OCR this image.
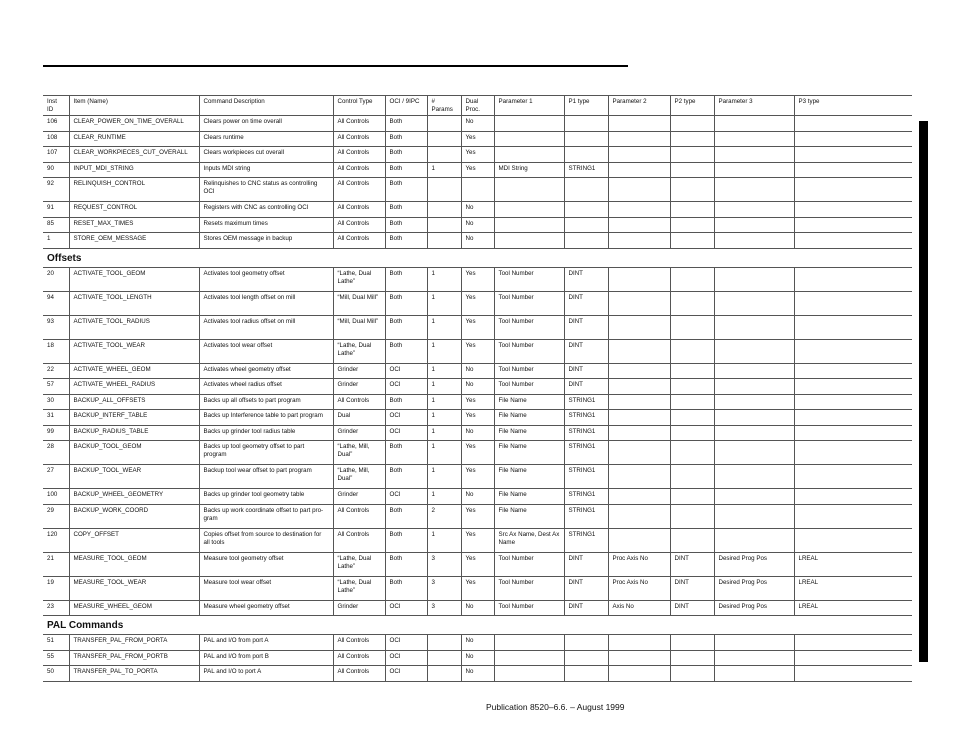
Inst ID	Item (Name)	Command Description	Control Type	OCI / 9IPC	# Params	Dual Proc.	Parameter 1	P1 type	Parameter 2	P2 type	Parameter 3	P3 type
106	CLEAR_POWER_ON_TIME_OVERALL	Clears power on time overall	All Controls	Both		No						
108	CLEAR_RUNTIME	Clears runtime	All Controls	Both		Yes						
107	CLEAR_WORKPIECES_CUT_OVERALL	Clears workpieces cut overall	All Controls	Both		Yes						
90	INPUT_MDI_STRING	Inputs MDI string	All Controls	Both	1	Yes	MDI String	STRING1				
92	RELINQUISH_CONTROL	Relinquishes to CNC status as controlling OCI	All Controls	Both								
91	REQUEST_CONTROL	Registers with CNC as controlling OCI	All Controls	Both		No						
85	RESET_MAX_TIMES	Resets maximum times	All Controls	Both		No						
1	STORE_OEM_MESSAGE	Stores OEM message in backup	All Controls	Both		No						
Offsets												
20	ACTIVATE_TOOL_GEOM	Activates tool geometry offset	“Lathe, Dual Lathe”	Both	1	Yes	Tool Number	DINT				
94	ACTIVATE_TOOL_LENGTH	Activates tool length offset on mill	“Mill, Dual Mill”	Both	1	Yes	Tool Number	DINT				
93	ACTIVATE_TOOL_RADIUS	Activates tool radius offset on mill	“Mill, Dual Mill”	Both	1	Yes	Tool Number	DINT				
18	ACTIVATE_TOOL_WEAR	Activates tool wear offset	“Lathe, Dual Lathe”	Both	1	Yes	Tool Number	DINT				
22	ACTIVATE_WHEEL_GEOM	Activates wheel geometry offset	Grinder	OCI	1	No	Tool Number	DINT				
57	ACTIVATE_WHEEL_RADIUS	Activates wheel radius offset	Grinder	OCI	1	No	Tool Number	DINT				
30	BACKUP_ALL_OFFSETS	Backs up all offsets to part program	All Controls	Both	1	Yes	File Name	STRING1				
31	BACKUP_INTERF_TABLE	Backs up Interference table to part program	Dual	OCI	1	Yes	File Name	STRING1				
99	BACKUP_RADIUS_TABLE	Backs up grinder tool radius table	Grinder	OCI	1	No	File Name	STRING1				
28	BACKUP_TOOL_GEOM	Backs up tool geometry offset to part program	“Lathe, Mill, Dual”	Both	1	Yes	File Name	STRING1				
27	BACKUP_TOOL_WEAR	Backup tool wear offset to part program	“Lathe, Mill, Dual”	Both	1	Yes	File Name	STRING1				
100	BACKUP_WHEEL_GEOMETRY	Backs up grinder tool geometry table	Grinder	OCI	1	No	File Name	STRING1				
29	BACKUP_WORK_COORD	Backs up work coordinate offset to part pro- gram	All Controls	Both	2	Yes	File Name	STRING1				
120	COPY_OFFSET	Copies offset from source to destination for all tools	All Controls	Both	1	Yes	Src Ax Name, Dest Ax Name	STRING1				
21	MEASURE_TOOL_GEOM	Measure tool geometry offset	“Lathe, Dual Lathe”	Both	3	Yes	Tool Number	DINT	Proc Axis No	DINT	Desired Prog Pos	LREAL
19	MEASURE_TOOL_WEAR	Measure tool wear offset	“Lathe, Dual Lathe”	Both	3	Yes	Tool Number	DINT	Proc Axis No	DINT	Desired Prog Pos	LREAL
23	MEASURE_WHEEL_GEOM	Measure wheel geometry offset	Grinder	OCI	3	No	Tool Number	DINT	Axis No	DINT	Desired Prog Pos	LREAL
PAL Commands												
51	TRANSFER_PAL_FROM_PORTA	PAL and I/O from port A	All Controls	OCI		No						
55	TRANSFER_PAL_FROM_PORTB	PAL and I/O from port B	All Controls	OCI		No						
50	TRANSFER_PAL_TO_PORTA	PAL and I/O to port A	All Controls	OCI		No						
Publication 8520–6.6. – August 1999
